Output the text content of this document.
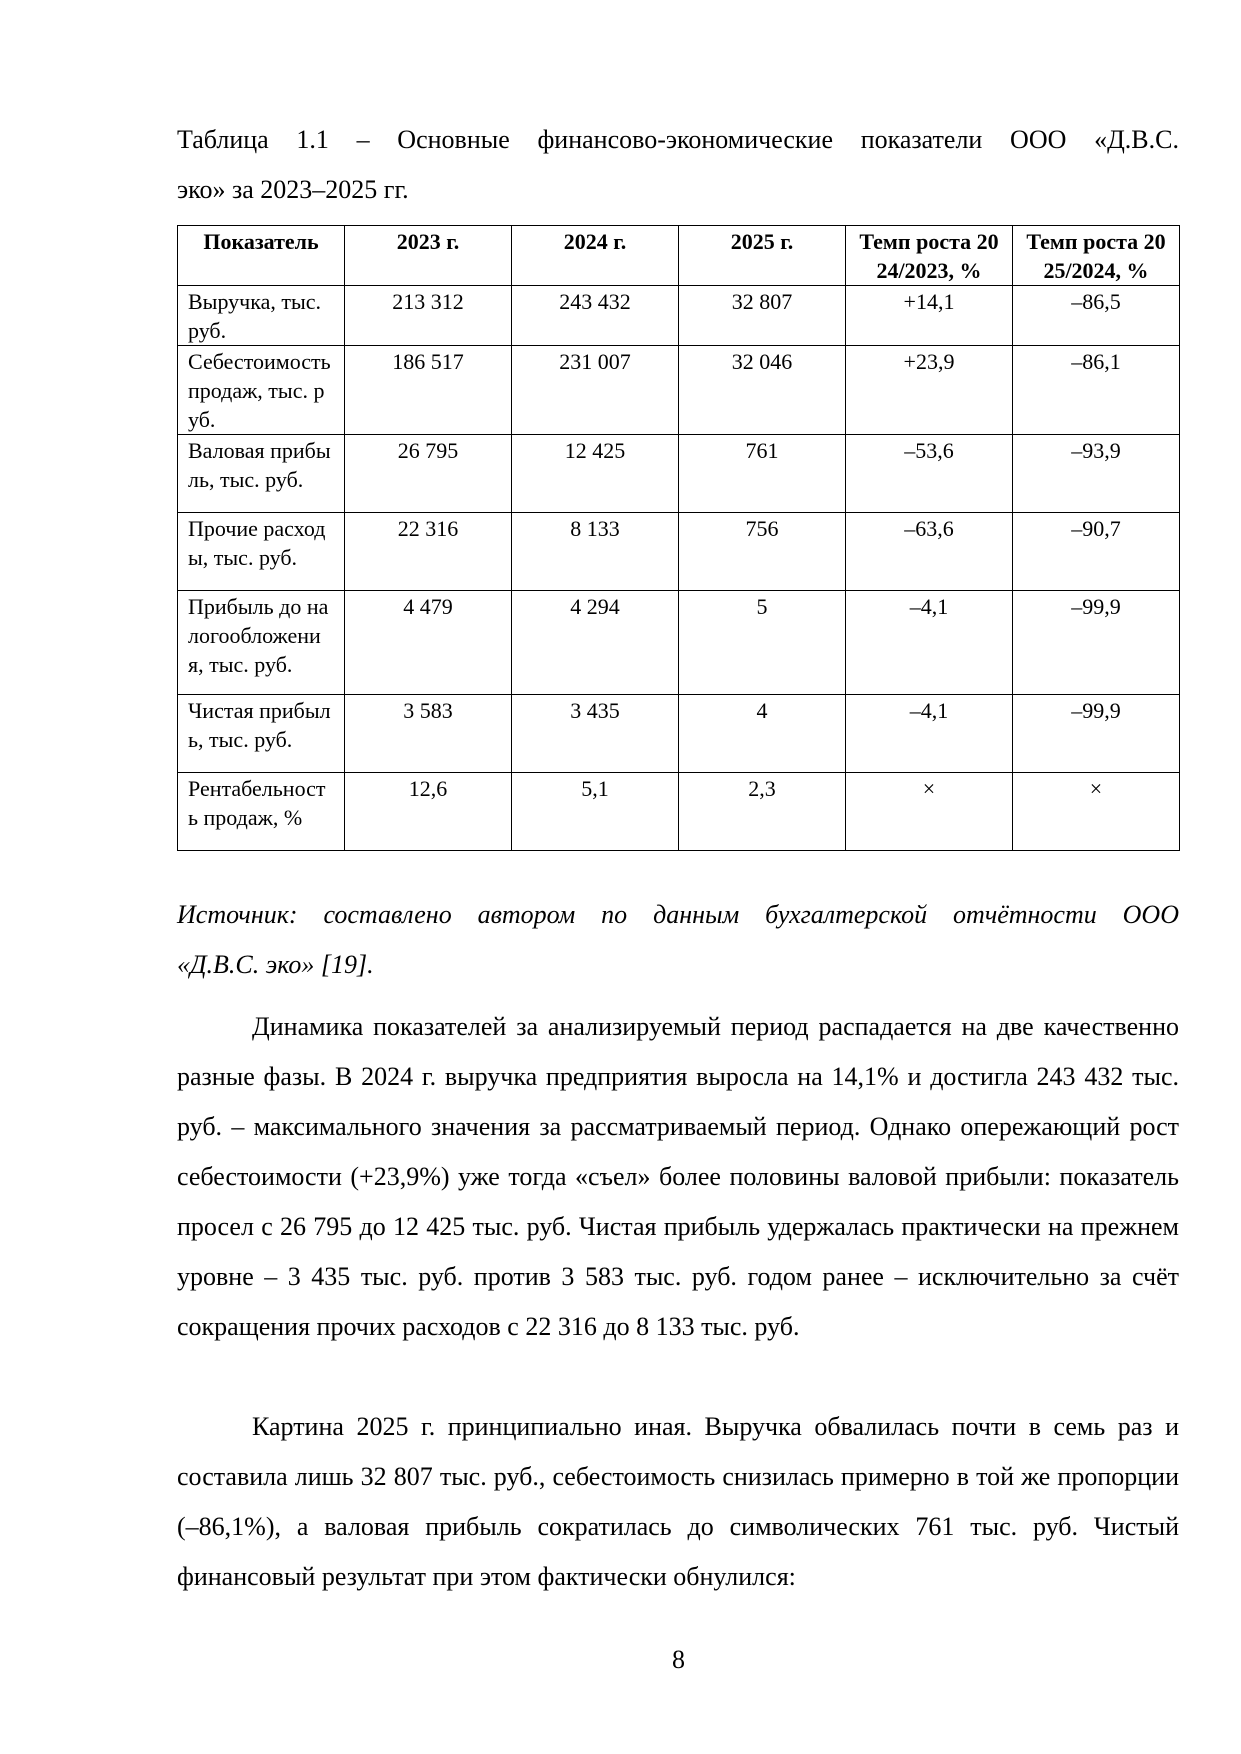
Таблица 1.1 – Основные финансово-экономические показатели ООО «Д.В.С.
эко» за 2023–2025 гг.
Показатель	2023 г.	2024 г.	2025 г.	Темп роста 2024/2023, %	Темп роста 2025/2024, %
Выручка, тыс. руб.	213 312	243 432	32 807	+14,1	–86,5
Себестоимость продаж, тыс. руб.	186 517	231 007	32 046	+23,9	–86,1
Валовая прибыль, тыс. руб.	26 795	12 425	761	–53,6	–93,9
Прочие расходы, тыс. руб.	22 316	8 133	756	–63,6	–90,7
Прибыль до налогообложения, тыс. руб.	4 479	4 294	5	–4,1	–99,9
Чистая прибыль, тыс. руб.	3 583	3 435	4	–4,1	–99,9
Рентабельность продаж, %	12,6	5,1	2,3	×	×
Источник: составлено автором по данным бухгалтерской отчётности ООО
«Д.В.С. эко» [19].

Динамика показателей за анализируемый период распадается на две качественно разные фазы. В 2024 г. выручка предприятия выросла на 14,1% и достигла 243 432 тыс. руб. – максимального значения за рассматриваемый период. Однако опережающий рост себестоимости (+23,9%) уже тогда «съел» более половины валовой прибыли: показатель просел с 26 795 до 12 425 тыс. руб. Чистая прибыль удержалась практически на прежнем уровне – 3 435 тыс. руб. против 3 583 тыс. руб. годом ранее – исключительно за счёт сокращения прочих расходов с 22 316 до 8 133 тыс. руб.

Картина 2025 г. принципиально иная. Выручка обвалилась почти в семь раз и составила лишь 32 807 тыс. руб., себестоимость снизилась примерно в той же пропорции (–86,1%), а валовая прибыль сократилась до символических 761 тыс. руб. Чистый финансовый результат при этом фактически обнулился:

8
